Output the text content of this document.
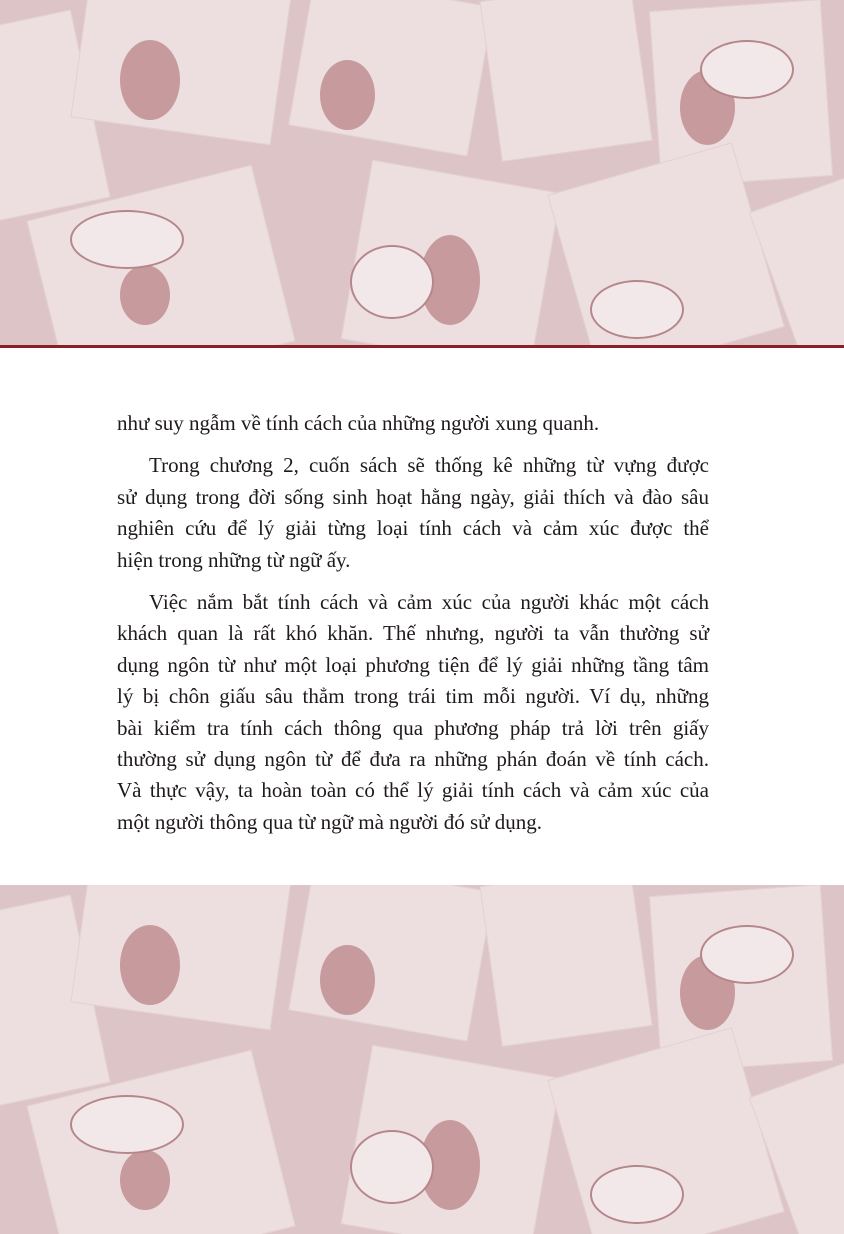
như suy ngẫm về tính cách của những người xung quanh.
Trong chương 2, cuốn sách sẽ thống kê những từ vựng được
sử dụng trong đời sống sinh hoạt hằng ngày, giải thích và đào sâu
nghiên cứu để lý giải từng loại tính cách và cảm xúc được thể
hiện trong những từ ngữ ấy.
Việc nắm bắt tính cách và cảm xúc của người khác một cách
khách quan là rất khó khăn. Thế nhưng, người ta vẫn thường sử
dụng ngôn từ như một loại phương tiện để lý giải những tầng tâm
lý bị chôn giấu sâu thẳm trong trái tim mỗi người. Ví dụ, những
bài kiểm tra tính cách thông qua phương pháp trả lời trên giấy
thường sử dụng ngôn từ để đưa ra những phán đoán về tính cách.
Và thực vậy, ta hoàn toàn có thể lý giải tính cách và cảm xúc của
một người thông qua từ ngữ mà người đó sử dụng.
